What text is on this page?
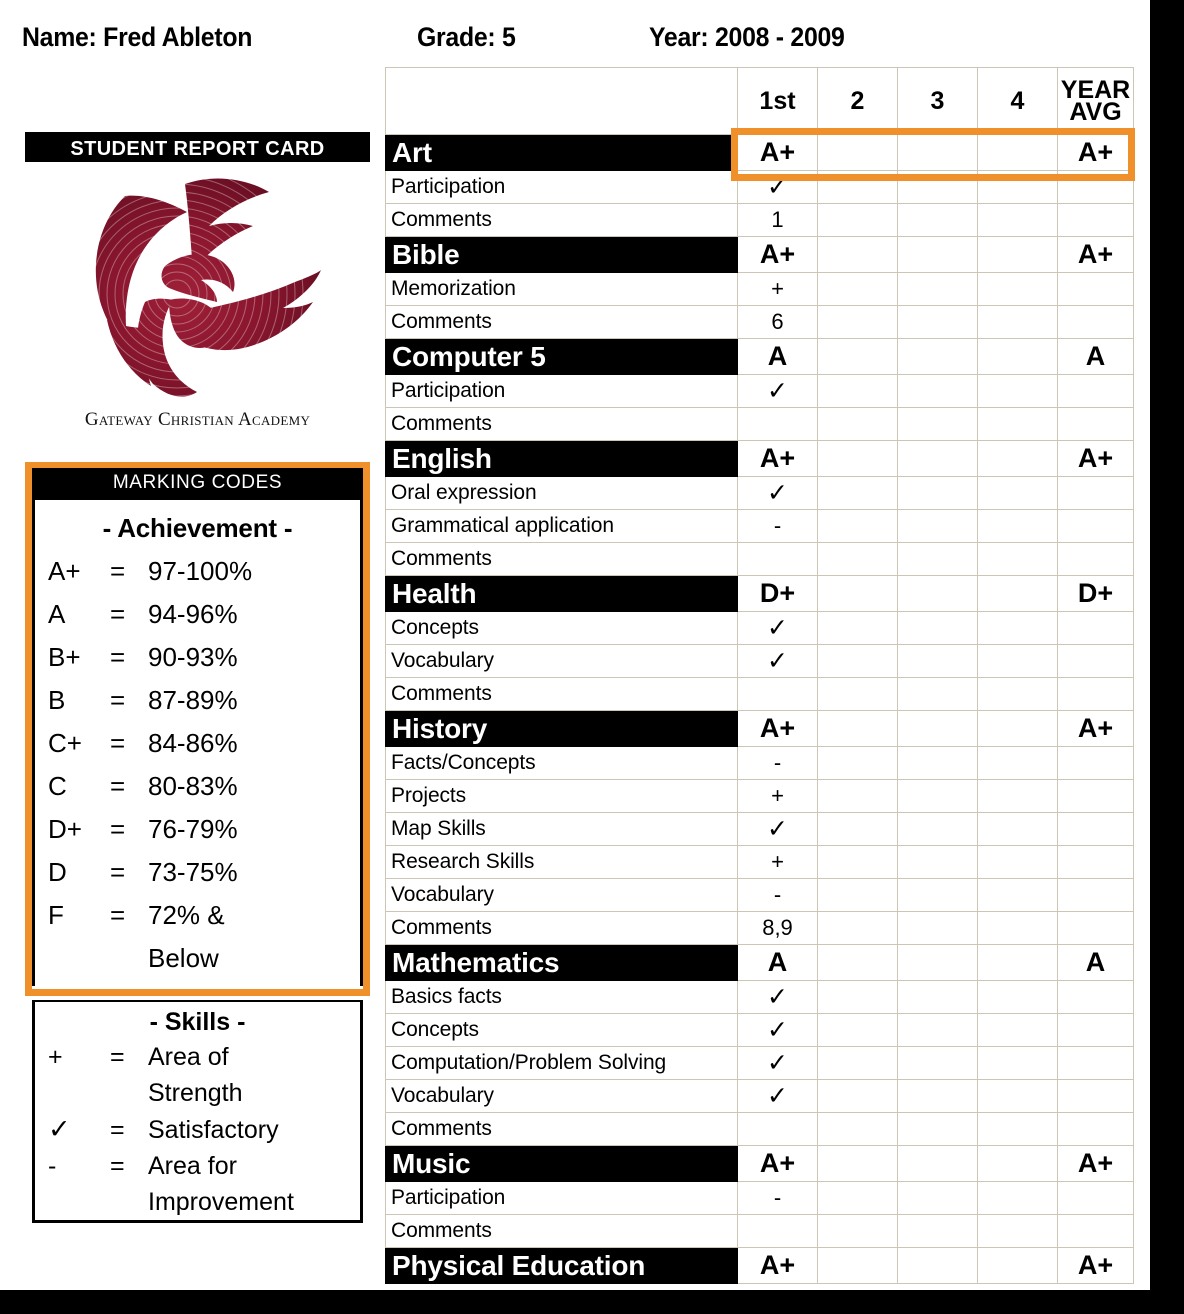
Name: Fred Ableton	Grade: 5	Year: 2008 - 2009
STUDENT REPORT CARD
Gateway Christian Academy
MARKING CODES
- Achievement -
A+	= 97-100%
A	= 94-96%
B+	= 90-93%
B	= 87-89%
C+	= 84-86%
C	= 80-83%
D+	= 76-79%
D	= 73-75%
F	= 72% &
Below
- Skills -
+	= Area of
Strength
✓	= Satisfactory
-	= Area for
Improvement
	1st	2	3	4	YEAR
AVG

Art	A+				A+
Participation	✓				
Comments	1				
Bible	A+				A+
Memorization	+				
Comments	6				
Computer 5	A				A
Participation	✓				
Comments					
English	A+				A+
Oral expression	✓				
Grammatical application	-				
Comments					
Health	D+				D+
Concepts	✓				
Vocabulary	✓				
Comments					
History	A+				A+
Facts/Concepts	-				
Projects	+				
Map Skills	✓				
Research Skills	+				
Vocabulary	-				
Comments	8,9				
Mathematics	A				A
Basics facts	✓				
Concepts	✓				
Computation/Problem Solving	✓				
Vocabulary	✓				
Comments					
Music	A+				A+
Participation	-				
Comments					
Physical Education	A+				A+
